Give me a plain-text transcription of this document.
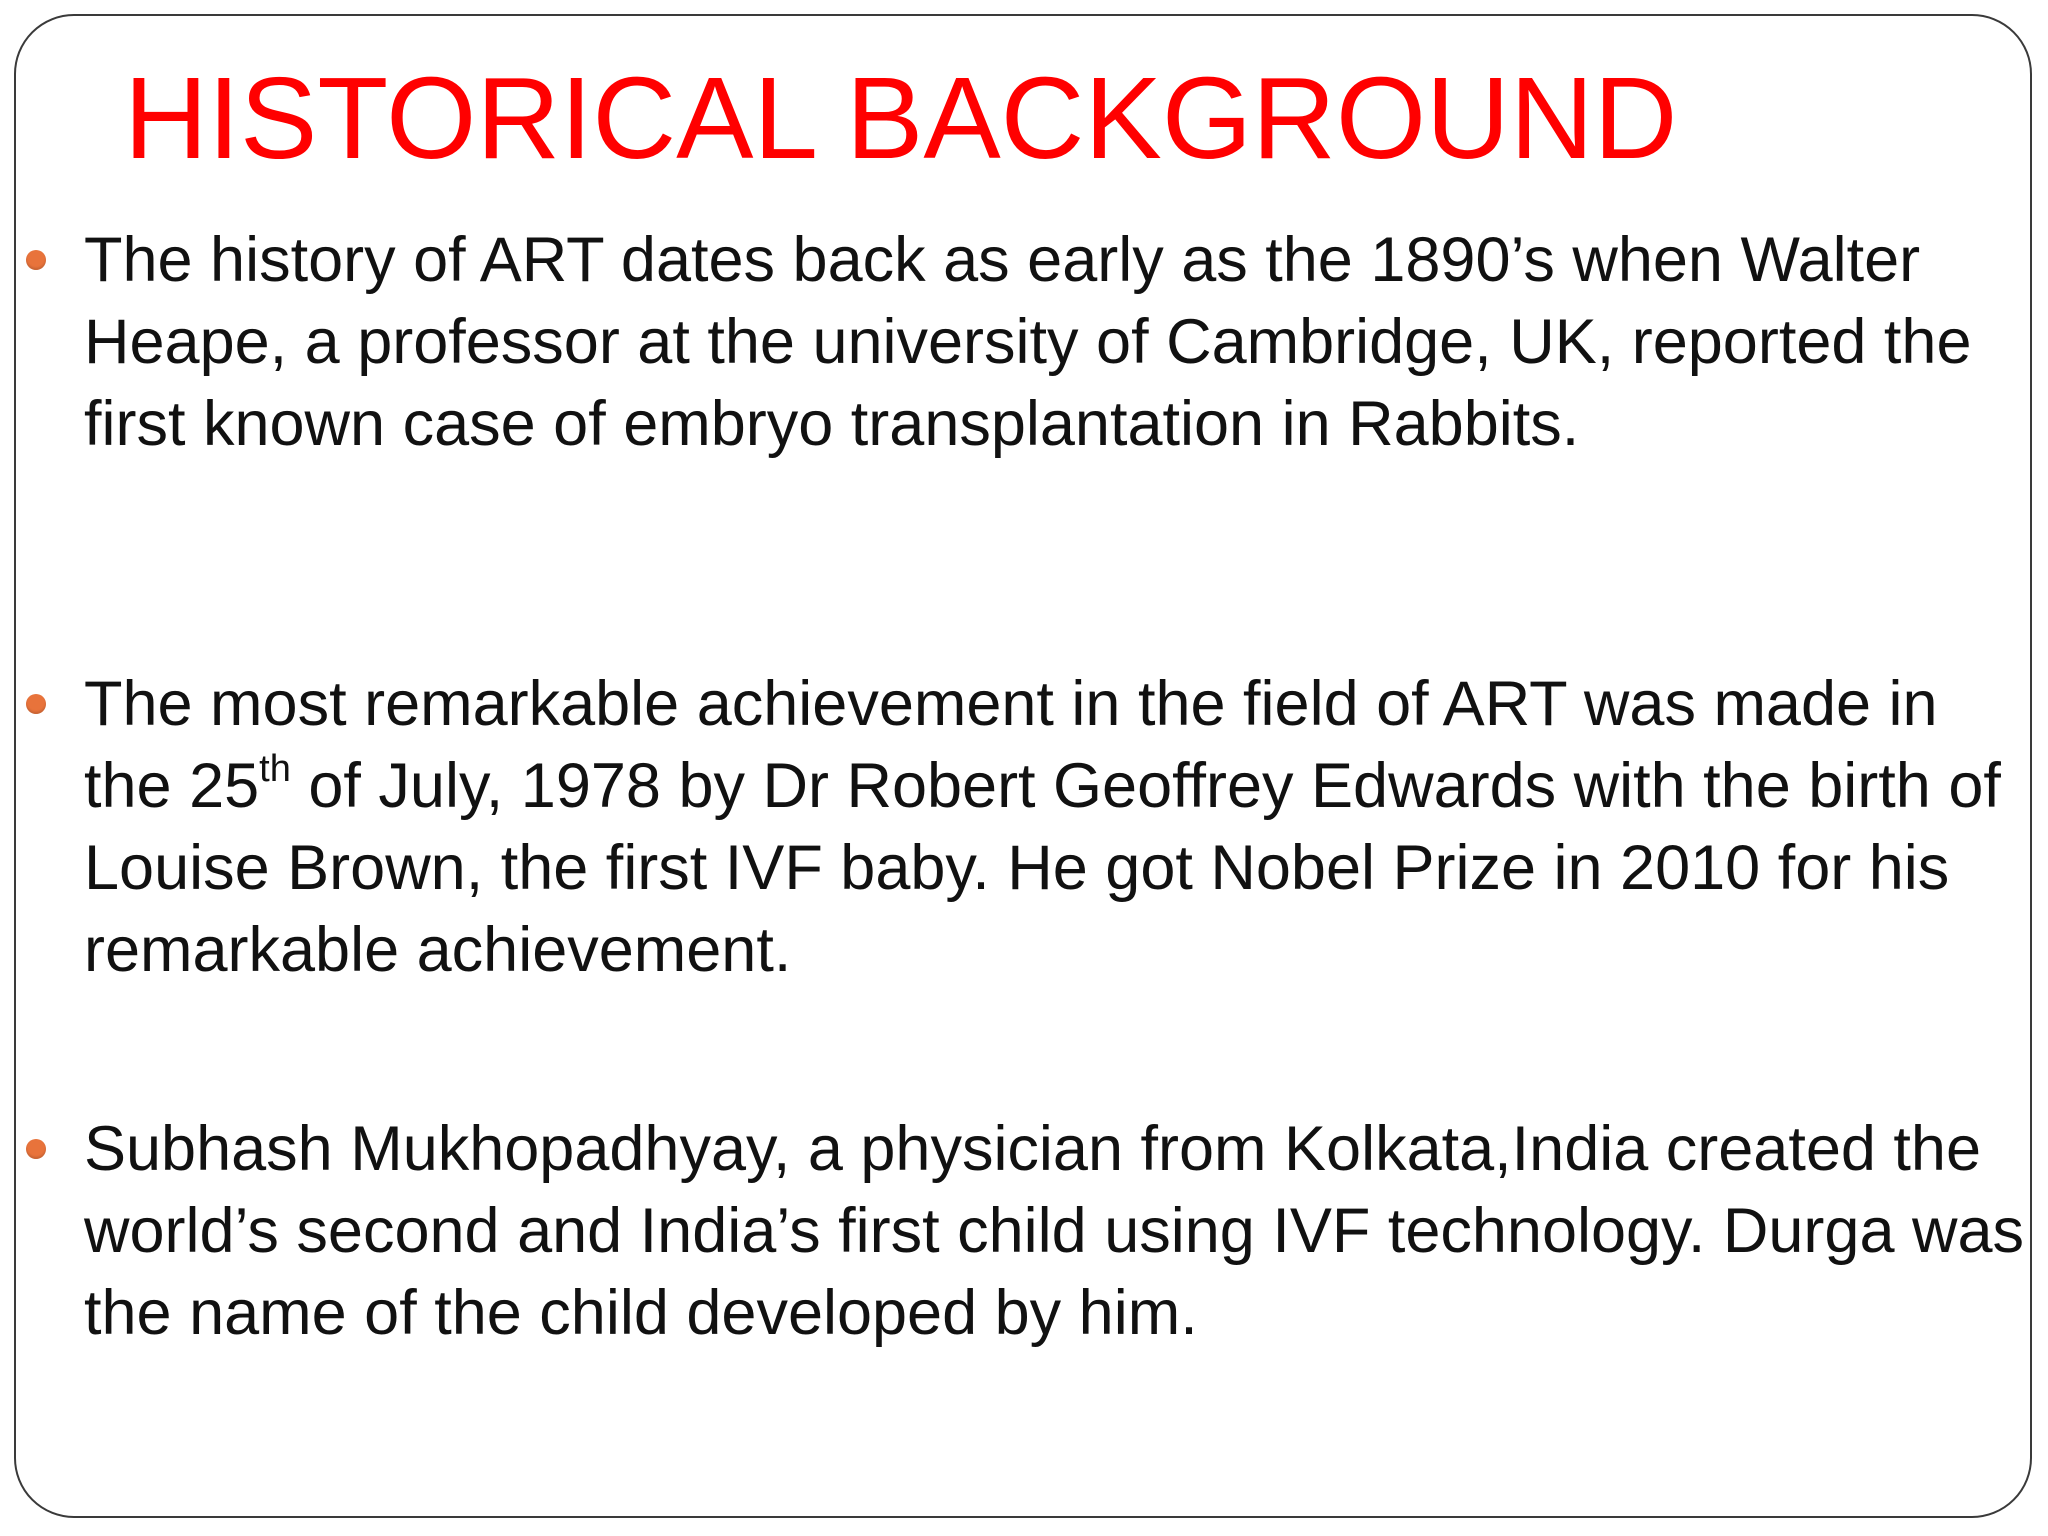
HISTORICAL BACKGROUND
The history of ART dates back as early as the 1890’s when Walter Heape, a professor at the university of Cambridge, UK, reported the first known case of embryo transplantation in Rabbits.
The most remarkable achievement in the field of ART was made in the 25th of July, 1978 by Dr Robert Geoffrey Edwards with the birth of Louise Brown, the first IVF baby. He got Nobel Prize in 2010 for his remarkable achievement.
Subhash Mukhopadhyay, a physician from Kolkata,India created the world’s second and India’s first child using IVF technology. Durga was the name of the child developed by him.
